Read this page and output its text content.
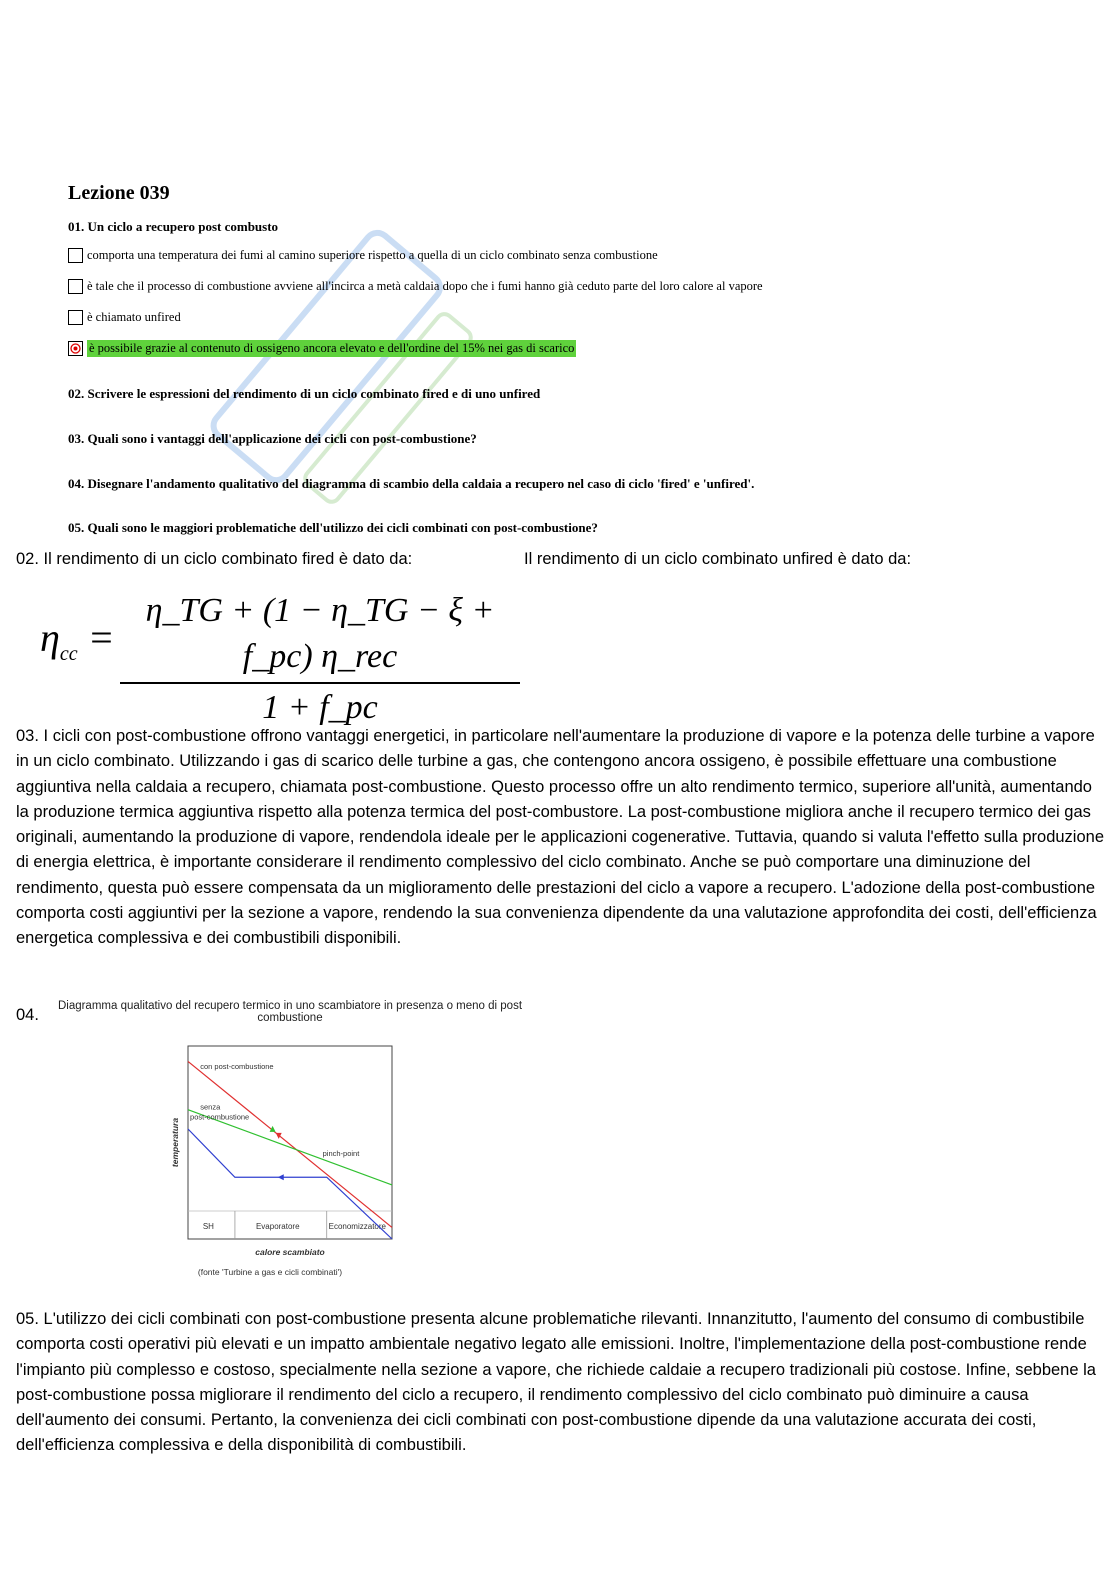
Lezione 039
01. Un ciclo a recupero post combusto
comporta una temperatura dei fumi al camino superiore rispetto a quella di un ciclo combinato senza combustione
è tale che il processo di combustione avviene all'incirca a metà caldaia dopo che i fumi hanno già ceduto parte del loro calore al vapore
è chiamato unfired
è possibile grazie al contenuto di ossigeno ancora elevato e dell'ordine del 15% nei gas di scarico
02. Scrivere le espressioni del rendimento di un ciclo combinato fired e di uno unfired
03. Quali sono i vantaggi dell'applicazione dei cicli con post-combustione?
04. Disegnare l'andamento qualitativo del diagramma di scambio della caldaia a recupero nel caso di ciclo 'fired' e 'unfired'.
05. Quali sono le maggiori problematiche dell'utilizzo dei cicli combinati con post-combustione?
02. Il rendimento di un ciclo combinato fired è dato da:	Il rendimento di un ciclo combinato unfired è dato da:
$\eta_{cc}$ =
η_TG + (1 − η_TG − ξ + f_pc) η_rec
1 + f_pc
03. I cicli con post-combustione offrono vantaggi energetici, in particolare nell'aumentare la produzione di vapore e la potenza delle turbine a vapore in un ciclo combinato. Utilizzando i gas di scarico delle turbine a gas, che contengono ancora ossigeno, è possibile effettuare una combustione aggiuntiva nella caldaia a recupero, chiamata post-combustione. Questo processo offre un alto rendimento termico, superiore all'unità, aumentando la produzione termica aggiuntiva rispetto alla potenza termica del post-combustore. La post-combustione migliora anche il recupero termico dei gas originali, aumentando la produzione di vapore, rendendola ideale per le applicazioni cogenerative. Tuttavia, quando si valuta l'effetto sulla produzione di energia elettrica, è importante considerare il rendimento complessivo del ciclo combinato. Anche se può comportare una diminuzione del rendimento, questa può essere compensata da un miglioramento delle prestazioni del ciclo a vapore a recupero. L'adozione della post-combustione comporta costi aggiuntivi per la sezione a vapore, rendendo la sua convenienza dipendente da una valutazione approfondita dei costi, dell'efficienza energetica complessiva e dei combustibili disponibili.
04.	Diagramma qualitativo del recupero termico in uno scambiatore in presenza o meno di post combustione
SH	Evaporatore	Economizzatore
con post-combustione
senza
post-combustione
pinch-point
calore scambiato
temperatura
(fonte 'Turbine a gas e cicli combinati')
05. L'utilizzo dei cicli combinati con post-combustione presenta alcune problematiche rilevanti. Innanzitutto, l'aumento del consumo di combustibile comporta costi operativi più elevati e un impatto ambientale negativo legato alle emissioni. Inoltre, l'implementazione della post-combustione rende l'impianto più complesso e costoso, specialmente nella sezione a vapore, che richiede caldaie a recupero tradizionali più costose. Infine, sebbene la post-combustione possa migliorare il rendimento del ciclo a recupero, il rendimento complessivo del ciclo combinato può diminuire a causa dell'aumento dei consumi. Pertanto, la convenienza dei cicli combinati con post-combustione dipende da una valutazione accurata dei costi, dell'efficienza complessiva e della disponibilità di combustibili.
